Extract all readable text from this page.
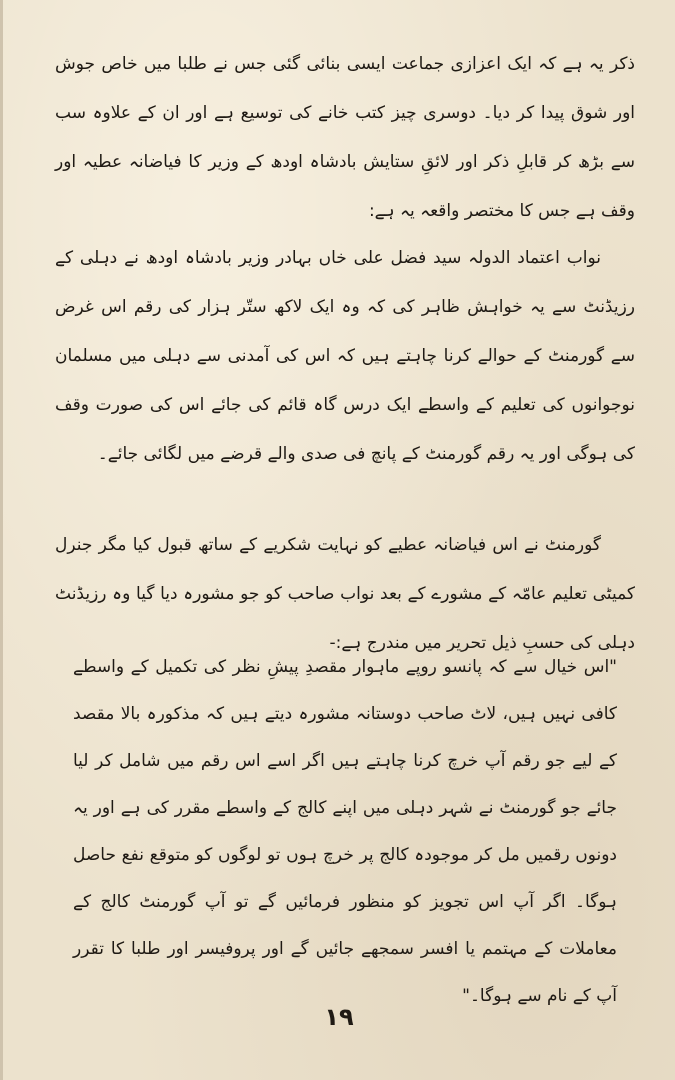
ذکر یہ ہے کہ ایک اعزازی جماعت ایسی بنائی گئی جس نے طلبا میں خاص جوش اور شوق پیدا کر دیا۔ دوسری چیز کتب خانے کی توسیع ہے اور ان کے علاوہ سب سے بڑھ کر قابلِ ذکر اور لائقِ ستایش بادشاہ اودھ کے وزیر کا فیاضانہ عطیہ اور وقف ہے جس کا مختصر واقعہ یہ ہے:

نواب اعتماد الدولہ سید فضل علی خاں بہادر وزیر بادشاہ اودھ نے دہلی کے رزیڈنٹ سے یہ خواہش ظاہر کی کہ وہ ایک لاکھ ستّر ہزار کی رقم اس غرض سے گورمنٹ کے حوالے کرنا چاہتے ہیں کہ اس کی آمدنی سے دہلی میں مسلمان نوجوانوں کی تعلیم کے واسطے ایک درس گاہ قائم کی جائے اس کی صورت وقف کی ہوگی اور یہ رقم گورمنٹ کے پانچ فی صدی والے قرضے میں لگائی جائے۔

گورمنٹ نے اس فیاضانہ عطیے کو نہایت شکریے کے ساتھ قبول کیا مگر جنرل کمیٹی تعلیم عامّہ کے مشورے کے بعد نواب صاحب کو جو مشورہ دیا گیا وہ رزیڈنٹ دہلی کی حسبِ ذیل تحریر میں مندرج ہے:-

"اس خیال سے کہ پانسو روپے ماہوار مقصدِ پیشِ نظر کی تکمیل کے واسطے کافی نہیں ہیں، لاٹ صاحب دوستانہ مشورہ دیتے ہیں کہ مذکورہ بالا مقصد کے لیے جو رقم آپ خرچ کرنا چاہتے ہیں اگر اسے اس رقم میں شامل کر لیا جائے جو گورمنٹ نے شہر دہلی میں اپنے کالج کے واسطے مقرر کی ہے اور یہ دونوں رقمیں مل کر موجودہ کالج پر خرچ ہوں تو لوگوں کو متوقع نفع حاصل ہوگا۔ اگر آپ اس تجویز کو منظور فرمائیں گے تو آپ گورمنٹ کالج کے معاملات کے مہتمم یا افسر سمجھے جائیں گے اور پروفیسر اور طلبا کا تقرر آپ کے نام سے ہوگا۔"

١٩
